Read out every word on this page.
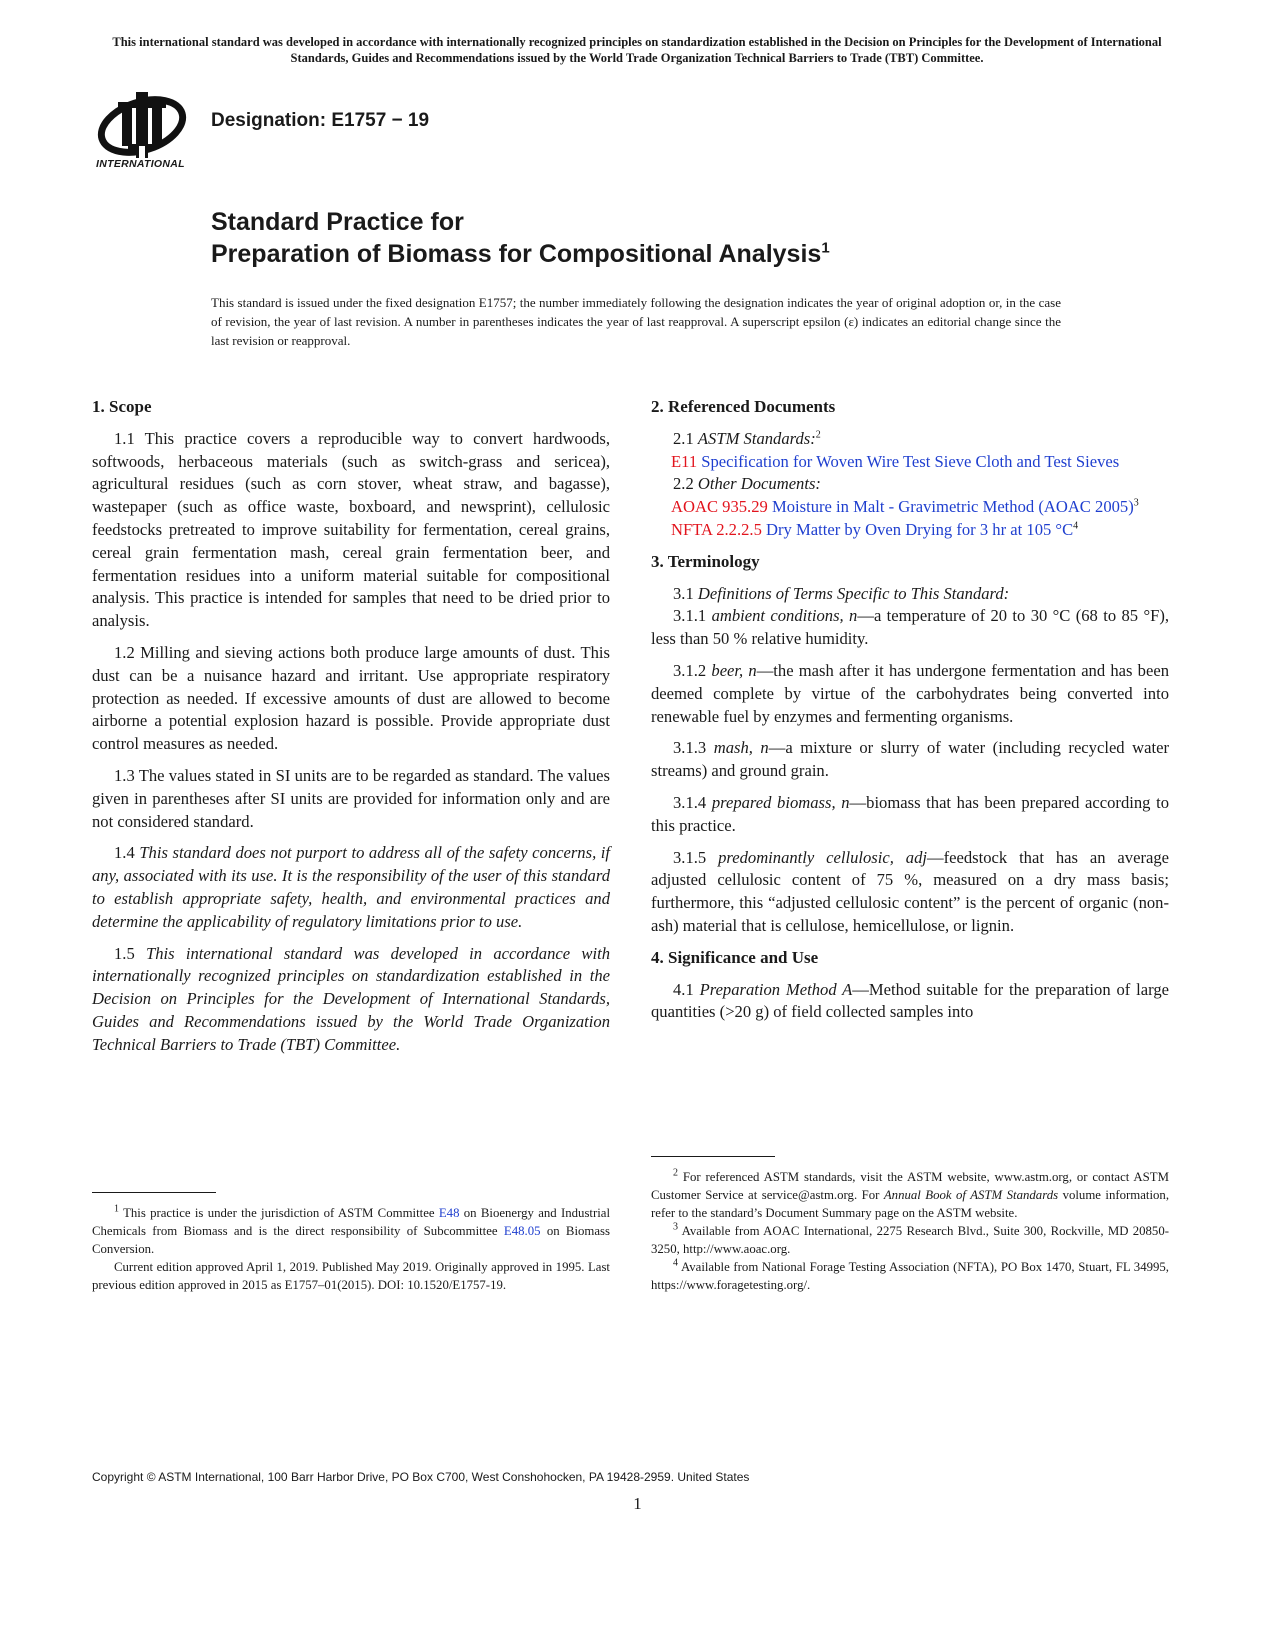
This international standard was developed in accordance with internationally recognized principles on standardization established in the Decision on Principles for the Development of International Standards, Guides and Recommendations issued by the World Trade Organization Technical Barriers to Trade (TBT) Committee.
INTERNATIONAL
Designation: E1757 − 19
Standard Practice for
Preparation of Biomass for Compositional Analysis$^1$
This standard is issued under the fixed designation E1757; the number immediately following the designation indicates the year of original adoption or, in the case of revision, the year of last revision. A number in parentheses indicates the year of last reapproval. A superscript epsilon (ε) indicates an editorial change since the last revision or reapproval.
1. Scope

1.1 This practice covers a reproducible way to convert hardwoods, softwoods, herbaceous materials (such as switch-grass and sericea), agricultural residues (such as corn stover, wheat straw, and bagasse), wastepaper (such as office waste, boxboard, and newsprint), cellulosic feedstocks pretreated to improve suitability for fermentation, cereal grains, cereal grain fermentation mash, cereal grain fermentation beer, and fermentation residues into a uniform material suitable for compositional analysis. This practice is intended for samples that need to be dried prior to analysis.

1.2 Milling and sieving actions both produce large amounts of dust. This dust can be a nuisance hazard and irritant. Use appropriate respiratory protection as needed. If excessive amounts of dust are allowed to become airborne a potential explosion hazard is possible. Provide appropriate dust control measures as needed.

1.3 The values stated in SI units are to be regarded as standard. The values given in parentheses after SI units are provided for information only and are not considered standard.

1.4 This standard does not purport to address all of the safety concerns, if any, associated with its use. It is the responsibility of the user of this standard to establish appropriate safety, health, and environmental practices and determine the applicability of regulatory limitations prior to use.

1.5 This international standard was developed in accordance with internationally recognized principles on standardization established in the Decision on Principles for the Development of International Standards, Guides and Recommendations issued by the World Trade Organization Technical Barriers to Trade (TBT) Committee.

2. Referenced Documents

2.1 ASTM Standards:$^2$

E11 Specification for Woven Wire Test Sieve Cloth and Test Sieves

2.2 Other Documents:

AOAC 935.29 Moisture in Malt - Gravimetric Method (AOAC 2005)$^3$

NFTA 2.2.2.5 Dry Matter by Oven Drying for 3 hr at 105 $^\circ C^4$

3. Terminology

3.1 Definitions of Terms Specific to This Standard:

3.1.1 ambient conditions, n—a temperature of 20 to 30 °C (68 to 85 °F), less than 50 % relative humidity.

3.1.2 beer, n—the mash after it has undergone fermentation and has been deemed complete by virtue of the carbohydrates being converted into renewable fuel by enzymes and fermenting organisms.

3.1.3 mash, n—a mixture or slurry of water (including recycled water streams) and ground grain.

3.1.4 prepared biomass, n—biomass that has been prepared according to this practice.

3.1.5 predominantly cellulosic, adj—feedstock that has an average adjusted cellulosic content of 75 %, measured on a dry mass basis; furthermore, this “adjusted cellulosic content” is the percent of organic (non-ash) material that is cellulose, hemicellulose, or lignin.

4. Significance and Use

4.1 Preparation Method A—Method suitable for the preparation of large quantities (>20 g) of field collected samples into

$^1$ This practice is under the jurisdiction of ASTM Committee E48 on Bioenergy and Industrial Chemicals from Biomass and is the direct responsibility of Subcommittee E48.05 on Biomass Conversion.

Current edition approved April 1, 2019. Published May 2019. Originally approved in 1995. Last previous edition approved in 2015 as E1757–01(2015). DOI: 10.1520/E1757-19.

$^2$ For referenced ASTM standards, visit the ASTM website, www.astm.org, or contact ASTM Customer Service at service@astm.org. For Annual Book of ASTM Standards volume information, refer to the standard’s Document Summary page on the ASTM website.

$^3$ Available from AOAC International, 2275 Research Blvd., Suite 300, Rockville, MD 20850-3250, http://www.aoac.org.

$^4$ Available from National Forage Testing Association (NFTA), PO Box 1470, Stuart, FL 34995, https://www.foragetesting.org/.

Copyright © ASTM International, 100 Barr Harbor Drive, PO Box C700, West Conshohocken, PA 19428-2959. United States
1
